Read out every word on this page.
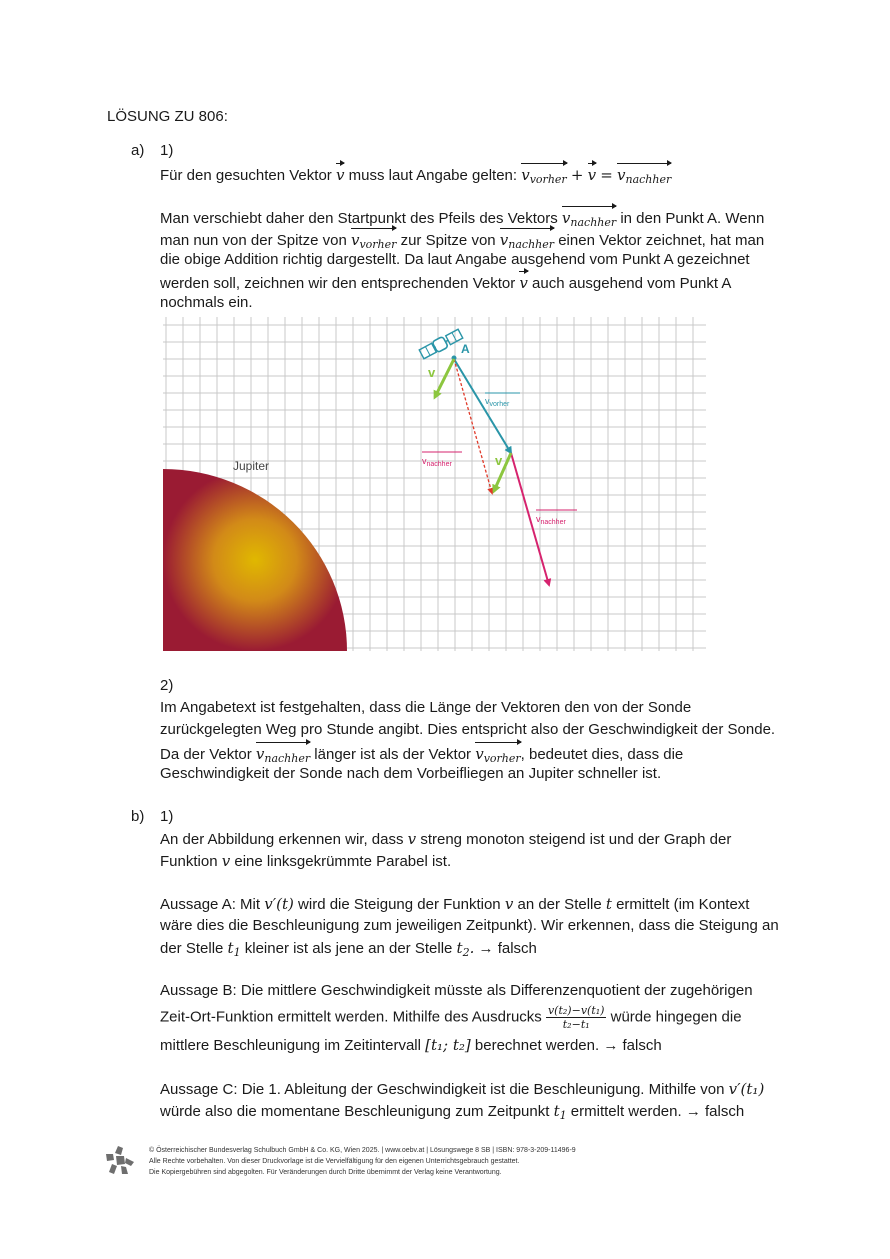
LÖSUNG ZU 806:
a) 1)
Für den gesuchten Vektor v muss laut Angabe gelten: $v_{vorher} + v = v_{nachher}$
Man verschiebt daher den Startpunkt des Pfeils des Vektors $v_{nachher}$ in den Punkt A. Wenn
man nun von der Spitze von $v_{vorher}$ zur Spitze von $v_{nachher}$ einen Vektor zeichnet, hat man
die obige Addition richtig dargestellt. Da laut Angabe ausgehend vom Punkt A gezeichnet
werden soll, zeichnen wir den entsprechenden Vektor v auch ausgehend vom Punkt A
nochmals ein.
Jupiter
A
$v_{vorher}$
$v_{nachher}$
$v_{nachher}$
v
v
2)
Im Angabetext ist festgehalten, dass die Länge der Vektoren den von der Sonde
zurückgelegten Weg pro Stunde angibt. Dies entspricht also der Geschwindigkeit der Sonde.
Da der Vektor $v_{nachher}$ länger ist als der Vektor $v_{vorher}$, bedeutet dies, dass die
Geschwindigkeit der Sonde nach dem Vorbeifliegen an Jupiter schneller ist.
b) 1)
An der Abbildung erkennen wir, dass v streng monoton steigend ist und der Graph der
Funktion v eine linksgekrümmte Parabel ist.
Aussage A: Mit v′(t) wird die Steigung der Funktion v an der Stelle t ermittelt (im Kontext
wäre dies die Beschleunigung zum jeweiligen Zeitpunkt). Wir erkennen, dass die Steigung an
der Stelle $t_1$ kleiner ist als jene an der Stelle $t_2$. → falsch
Aussage B: Die mittlere Geschwindigkeit müsste als Differenzenquotient der zugehörigen
Zeit-Ort-Funktion ermittelt werden. Mithilfe des Ausdrucks $\frac{\text{v(t₂)−v(t₁)}}{\text{t₂−t₁}}$ würde hingegen die
mittlere Beschleunigung im Zeitintervall [t₁; t₂] berechnet werden. → falsch
Aussage C: Die 1. Ableitung der Geschwindigkeit ist die Beschleunigung. Mithilfe von v′(t₁)
würde also die momentane Beschleunigung zum Zeitpunkt $t_1$ ermittelt werden. → falsch
© Österreichischer Bundesverlag Schulbuch GmbH & Co. KG, Wien 2025. | www.oebv.at | Lösungswege 8 SB | ISBN: 978-3-209-11496-9
Alle Rechte vorbehalten. Von dieser Druckvorlage ist die Vervielfältigung für den eigenen Unterrichtsgebrauch gestattet.
Die Kopiergebühren sind abgegolten. Für Veränderungen durch Dritte übernimmt der Verlag keine Verantwortung.
